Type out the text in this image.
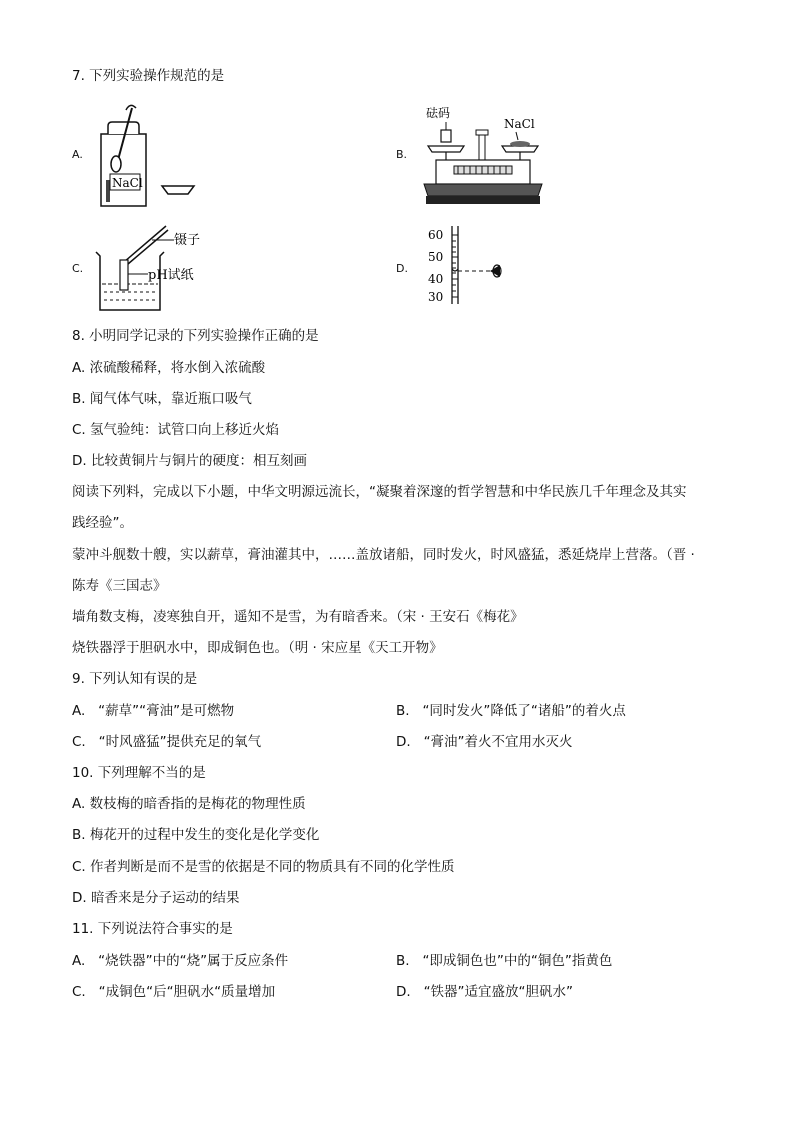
7. 下列实验操作规范的是
A.
NaCl
B.
砝码
NaCl
C.
镊子
pH试纸	D.
60
50
40
30
8. 小明同学记录的下列实验操作正确的是
A. 浓硫酸稀释，将水倒入浓硫酸
B. 闻气体气味，靠近瓶口吸气
C. 氢气验纯：试管口向上移近火焰
D. 比较黄铜片与铜片的硬度：相互刻画
阅读下列料，完成以下小题，中华文明源远流长，“凝聚着深邃的哲学智慧和中华民族几千年理念及其实
践经验”。
蒙冲斗舰数十艘，实以薪草，膏油灌其中，……盖放诸船，同时发火，时风盛猛，悉延烧岸上营落。（晋 ·
陈寿《三国志》
墙角数支梅，凌寒独自开，遥知不是雪，为有暗香来。（宋 · 王安石《梅花》
烧铁器浮于胆矾水中，即成铜色也。（明 · 宋应星《天工开物》
9. 下列认知有误的是
A. “薪草”“膏油”是可燃物	B. “同时发火”降低了“诸船”的着火点
C. “时风盛猛”提供充足的氧气	D. “膏油”着火不宜用水灭火
10. 下列理解不当的是
A. 数枝梅的暗香指的是梅花的物理性质
B. 梅花开的过程中发生的变化是化学变化
C. 作者判断是而不是雪的依据是不同的物质具有不同的化学性质
D. 暗香来是分子运动的结果
11. 下列说法符合事实的是
A. “烧铁器”中的“烧”属于反应条件	B. “即成铜色也”中的“铜色”指黄色
C. “成铜色“后“胆矾水“质量增加	D. “铁器”适宜盛放“胆矾水”
